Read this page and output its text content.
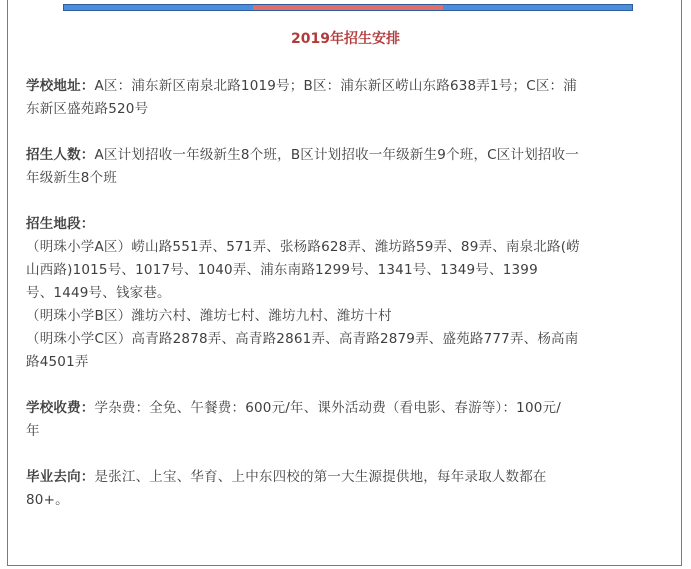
2019年招生安排

学校地址：A区：浦东新区南泉北路1019号；B区：浦东新区崂山东路638弄1号；C区：浦
东新区盛苑路520号

招生人数：A区计划招收一年级新生8个班，B区计划招收一年级新生9个班，C区计划招收一
年级新生8个班

招生地段：
（明珠小学A区）崂山路551弄、571弄、张杨路628弄、潍坊路59弄、89弄、南泉北路(崂
山西路)1015号、1017号、1040弄、浦东南路1299号、1341号、1349号、1399
号、1449号、钱家巷。
（明珠小学B区）潍坊六村、潍坊七村、潍坊九村、潍坊十村
（明珠小学C区）高青路2878弄、高青路2861弄、高青路2879弄、盛苑路777弄、杨高南
路4501弄

学校收费：学杂费：全免、午餐费：600元/年、课外活动费（看电影、春游等）：100元/
年

毕业去向：是张江、上宝、华育、上中东四校的第一大生源提供地，每年录取人数都在
80+。
